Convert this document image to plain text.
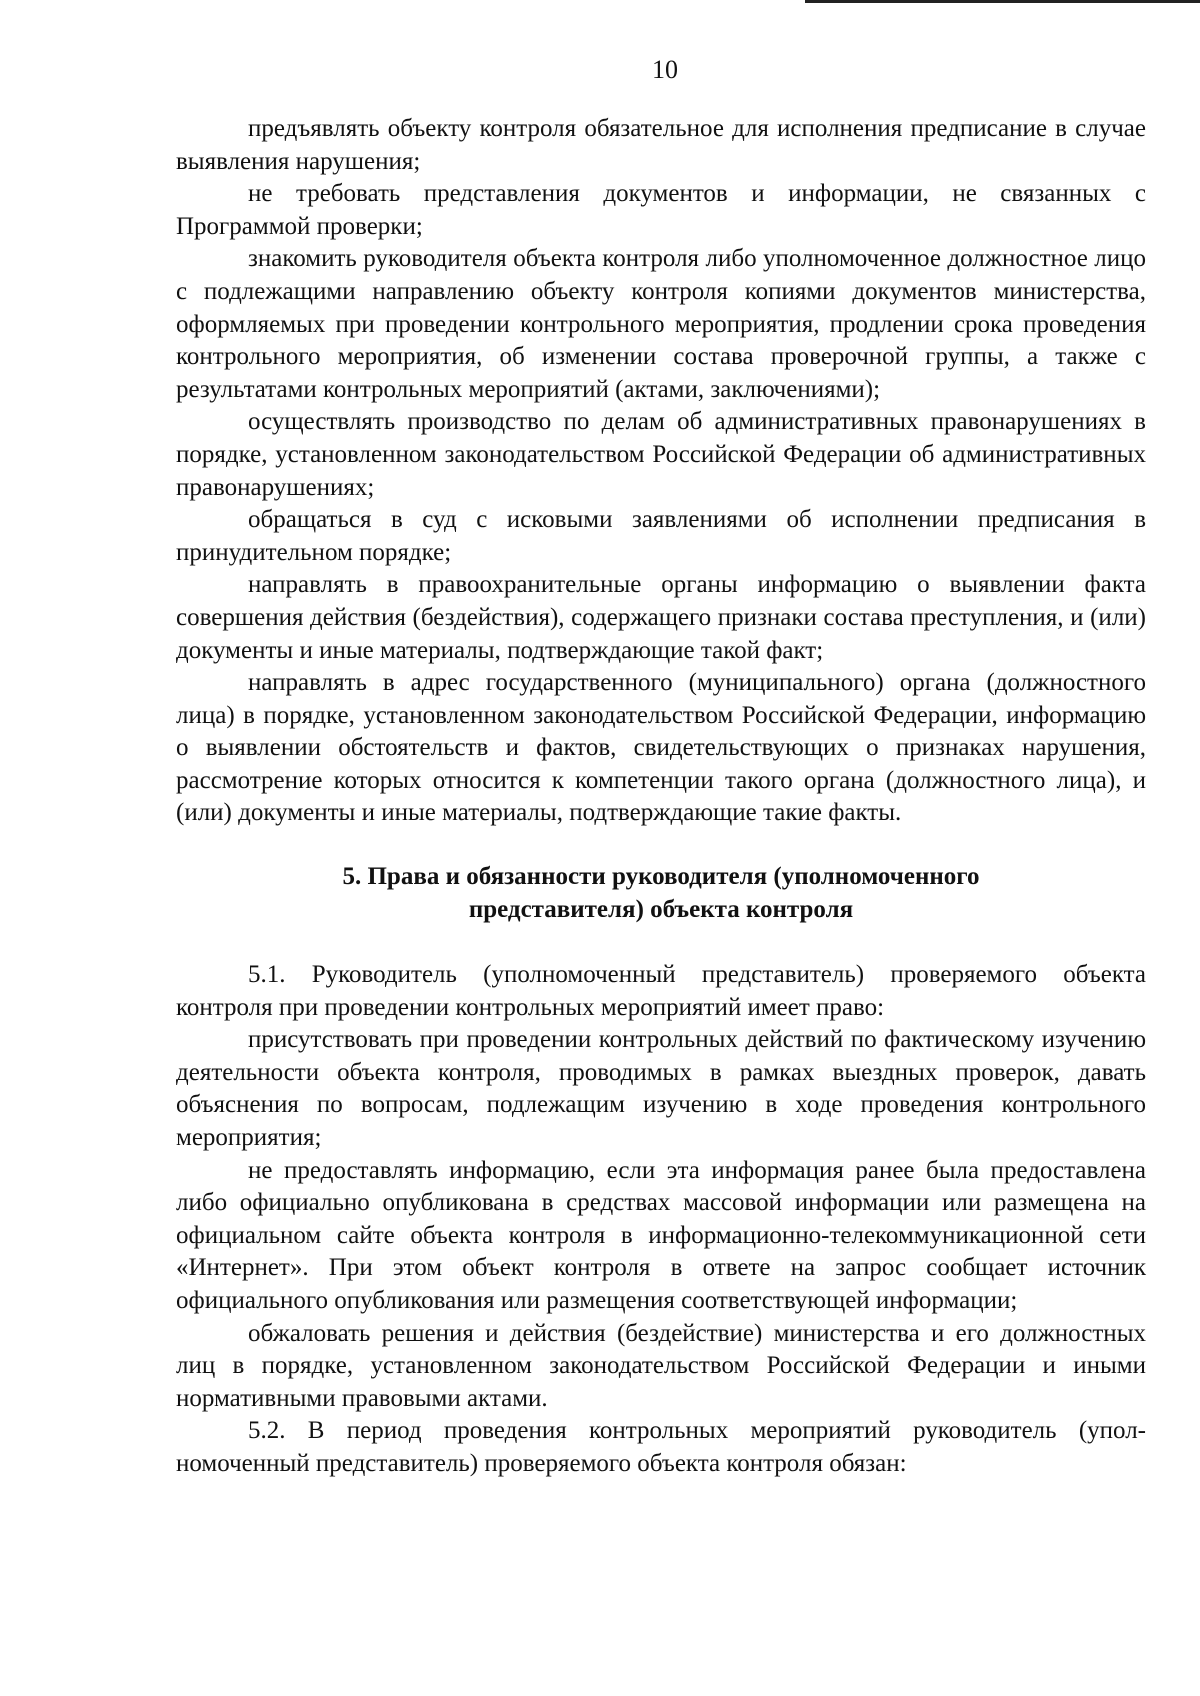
10

предъявлять объекту контроля обязательное для исполнения предписание в случае выявления нарушения;

не требовать представления документов и информации, не связанных с Программой проверки;

знакомить руководителя объекта контроля либо уполномоченное должностное лицо с подлежащими направлению объекту контроля копиями документов министерства, оформляемых при проведении контрольного мероприятия, продлении срока проведения контрольного мероприятия, об изменении состава проверочной группы, а также с результатами контрольных мероприятий (актами, заключениями);

осуществлять производство по делам об административных правонарушениях в порядке, установленном законодательством Российской Федерации об административных правонарушениях;

обращаться в суд с исковыми заявлениями об исполнении предписания в принудительном порядке;

направлять в правоохранительные органы информацию о выявлении факта совершения действия (бездействия), содержащего признаки состава преступления, и (или) документы и иные материалы, подтверждающие такой факт;

направлять в адрес государственного (муниципального) органа (должностного лица) в порядке, установленном законодательством Российской Федерации, информацию о выявлении обстоятельств и фактов, свидетельствующих о признаках нарушения, рассмотрение которых относится к компетенции такого органа (должностного лица), и (или) документы и иные материалы, подтверждающие такие факты.

5. Права и обязанности руководителя (уполномоченного
представителя) объекта контроля

5.1. Руководитель (уполномоченный представитель) проверяемого объекта контроля при проведении контрольных мероприятий имеет право:

присутствовать при проведении контрольных действий по фактическому изучению деятельности объекта контроля, проводимых в рамках выездных проверок, давать объяснения по вопросам, подлежащим изучению в ходе проведения контрольного мероприятия;

не предоставлять информацию, если эта информация ранее была предоставлена либо официально опубликована в средствах массовой информации или размещена на официальном сайте объекта контроля в информационно-телекоммуникационной сети «Интернет». При этом объект контроля в ответе на запрос сообщает источник официального опубликования или размещения соответствующей информации;

обжаловать решения и действия (бездействие) министерства и его должностных лиц в порядке, установленном законодательством Российской Федерации и иными нормативными правовыми актами.

5.2. В период проведения контрольных мероприятий руководитель (уполномоченный представитель) проверяемого объекта контроля обязан:
